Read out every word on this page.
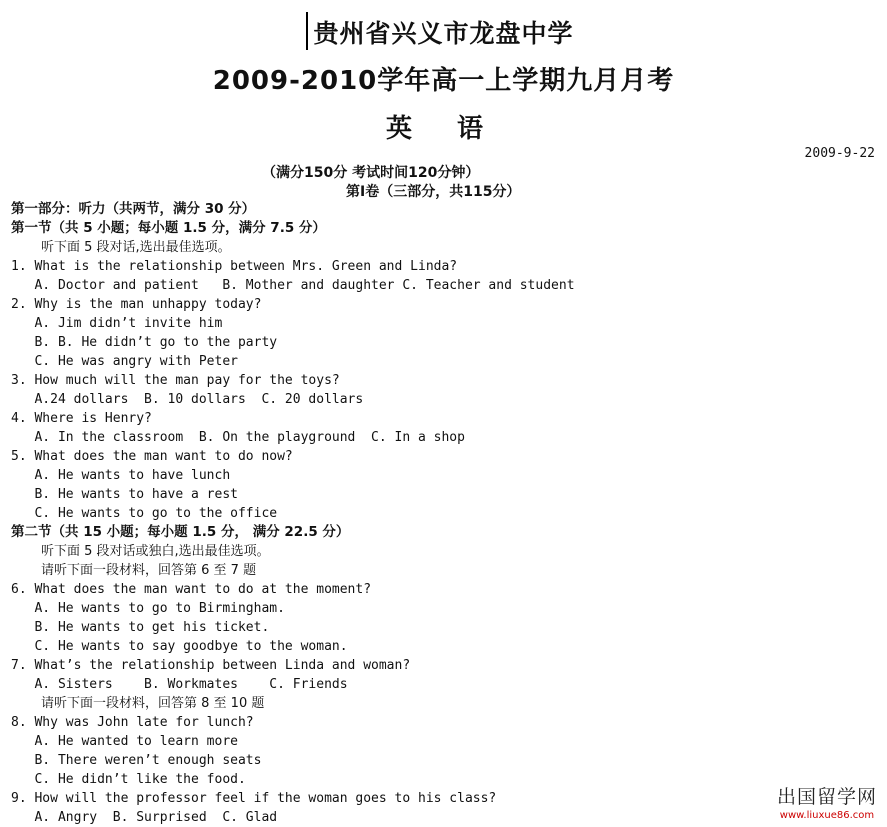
贵州省兴义市龙盘中学
2009-2010学年高一上学期九月月考
英 语
2009-9-22
（满分150分 考试时间120分钟）
第Ⅰ卷（三部分，共115分）
第一部分：听力（共两节，满分 30 分）
第一节（共 5 小题；每小题 1.5 分，满分 7.5 分）
听下面 5 段对话,选出最佳选项。
1. What is the relationship between Mrs. Green and Linda?
A. Doctor and patient   B. Mother and daughter C. Teacher and student
2. Why is the man unhappy today?
A. Jim didn’t invite him
B. B. He didn’t go to the party
C. He was angry with Peter
3. How much will the man pay for the toys?
A.24 dollars  B. 10 dollars  C. 20 dollars
4. Where is Henry?
A. In the classroom  B. On the playground  C. In a shop
5. What does the man want to do now?
A. He wants to have lunch
B. He wants to have a rest
C. He wants to go to the office
第二节（共 15 小题；每小题 1.5 分， 满分 22.5 分）
听下面 5 段对话或独白,选出最佳选项。
请听下面一段材料，回答第 6 至 7 题
6. What does the man want to do at the moment?
A. He wants to go to Birmingham.
B. He wants to get his ticket.
C. He wants to say goodbye to the woman.
7. What’s the relationship between Linda and woman?
A. Sisters    B. Workmates    C. Friends
请听下面一段材料，回答第 8 至 10 题
8. Why was John late for lunch?
A. He wanted to learn more
B. There weren’t enough seats
C. He didn’t like the food.
9. How will the professor feel if the woman goes to his class?
A. Angry  B. Surprised  C. Glad
出国留学网
www.liuxue86.com
